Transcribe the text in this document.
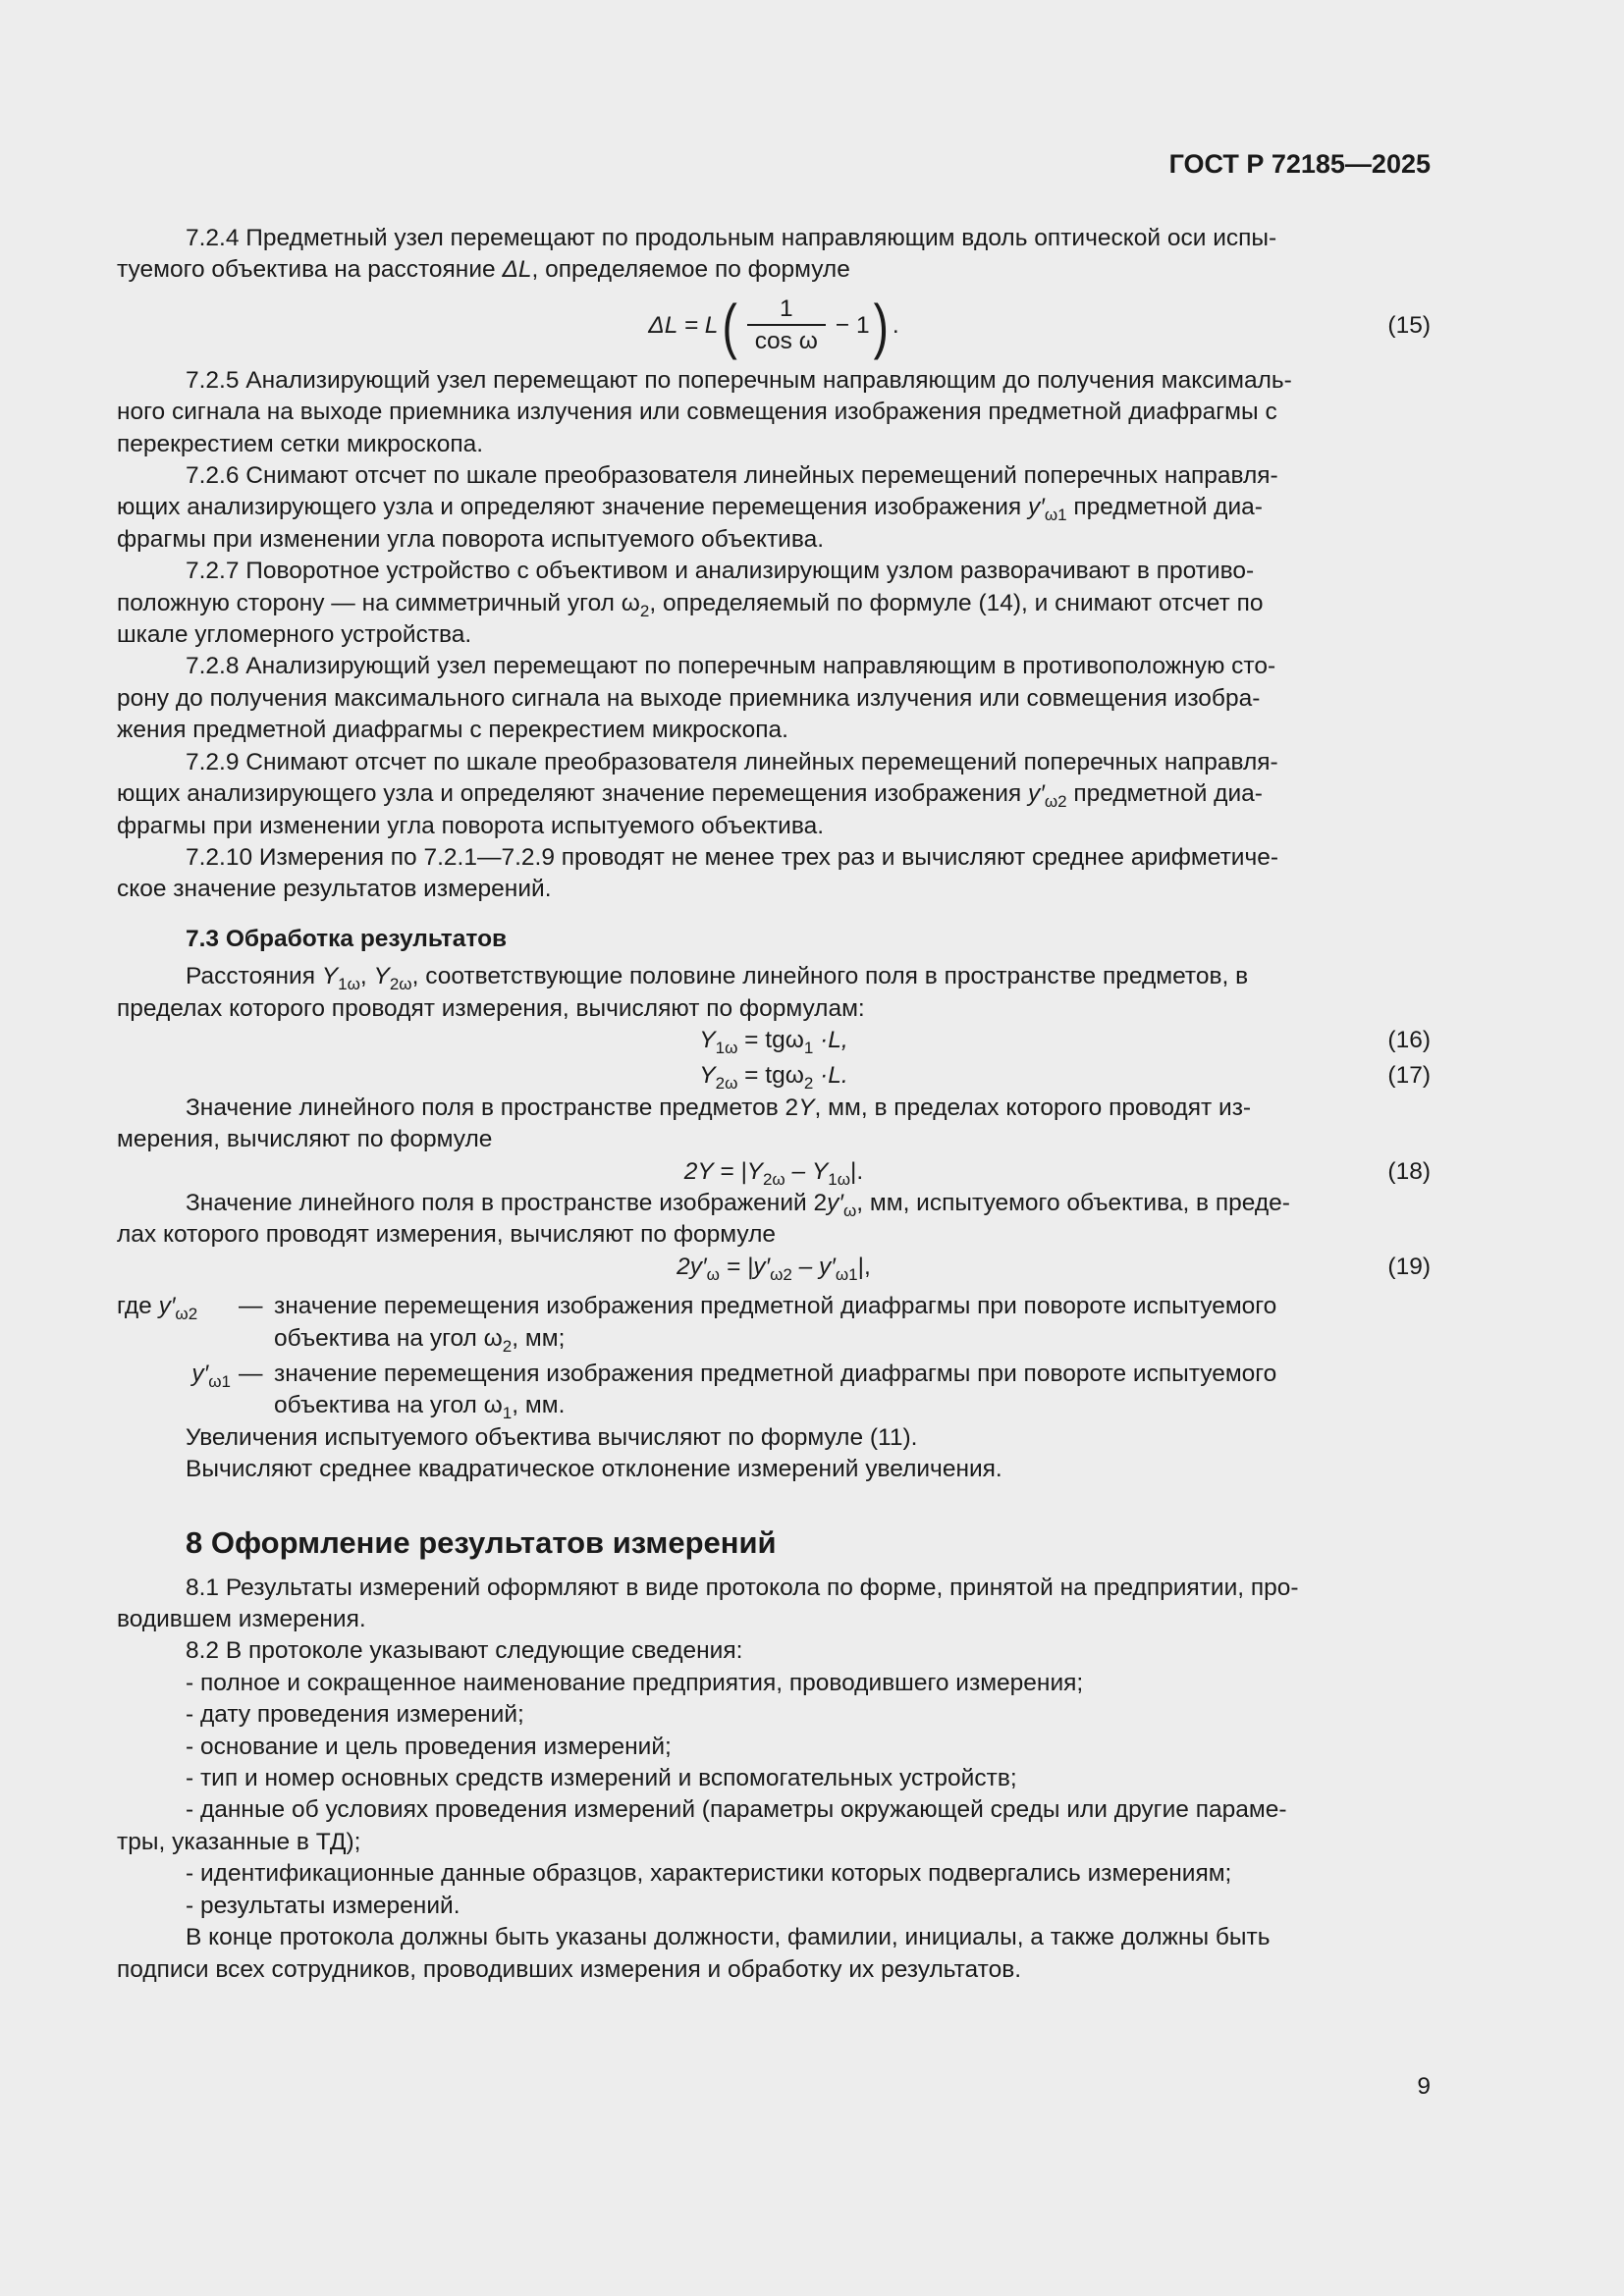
ГОСТ Р 72185—2025

7.2.4 Предметный узел перемещают по продольным направляющим вдоль оптической оси испы-
туемого объектива на расстояние ΔL, определяемое по формуле

ΔL = L ( $\frac{1}{\text{cos ω}} - 1$ ) .	(15)

7.2.5 Анализирующий узел перемещают по поперечным направляющим до получения максималь-
ного сигнала на выходе приемника излучения или совмещения изображения предметной диафрагмы с
перекрестием сетки микроскопа.

7.2.6 Снимают отсчет по шкале преобразователя линейных перемещений поперечных направля-
ющих анализирующего узла и определяют значение перемещения изображения $y'_{\omega 1}$ предметной диа-
фрагмы при изменении угла поворота испытуемого объектива.

7.2.7 Поворотное устройство с объективом и анализирующим узлом разворачивают в противо-
положную сторону — на симметричный угол $\omega_2$, определяемый по формуле (14), и снимают отсчет по
шкале угломерного устройства.

7.2.8 Анализирующий узел перемещают по поперечным направляющим в противоположную сто-
рону до получения максимального сигнала на выходе приемника излучения или совмещения изобра-
жения предметной диафрагмы с перекрестием микроскопа.

7.2.9 Снимают отсчет по шкале преобразователя линейных перемещений поперечных направля-
ющих анализирующего узла и определяют значение перемещения изображения $y'_{\omega 2}$ предметной диа-
фрагмы при изменении угла поворота испытуемого объектива.

7.2.10 Измерения по 7.2.1—7.2.9 проводят не менее трех раз и вычисляют среднее арифметиче-
ское значение результатов измерений.

7.3 Обработка результатов

Расстояния $Y_{1\omega}$, $Y_{2\omega}$, соответствующие половине линейного поля в пространстве предметов, в
пределах которого проводят измерения, вычисляют по формулам:

$Y_{1\omega} = tg\omega_1 \cdot L$,	(16)
$Y_{2\omega} = tg\omega_2 \cdot L$.	(17)

Значение линейного поля в пространстве предметов 2Y, мм, в пределах которого проводят из-
мерения, вычисляют по формуле

$2Y = |Y_{2\omega} - Y_{1\omega}|$.	(18)

Значение линейного поля в пространстве изображений $2y'_\omega$, мм, испытуемого объектива, в преде-
лах которого проводят измерения, вычисляют по формуле

$2y'_\omega = |y'_{\omega 2} - y'_{\omega 1}|$,	(19)
где $y'_{\omega 2}$	— значение перемещения изображения предметной диафрагмы при повороте испытуемого
объектива на угол $\omega_2$, мм;
$y'_{\omega 1}$ — значение перемещения изображения предметной диафрагмы при повороте испытуемого
объектива на угол $\omega_1$, мм.

Увеличения испытуемого объектива вычисляют по формуле (11).

Вычисляют среднее квадратическое отклонение измерений увеличения.

8 Оформление результатов измерений

8.1 Результаты измерений оформляют в виде протокола по форме, принятой на предприятии, про-
водившем измерения.

8.2 В протоколе указывают следующие сведения:

- полное и сокращенное наименование предприятия, проводившего измерения;

- дату проведения измерений;

- основание и цель проведения измерений;

- тип и номер основных средств измерений и вспомогательных устройств;

- данные об условиях проведения измерений (параметры окружающей среды или другие параме-
тры, указанные в ТД);

- идентификационные данные образцов, характеристики которых подвергались измерениям;

- результаты измерений.

В конце протокола должны быть указаны должности, фамилии, инициалы, а также должны быть
подписи всех сотрудников, проводивших измерения и обработку их результатов.

9
